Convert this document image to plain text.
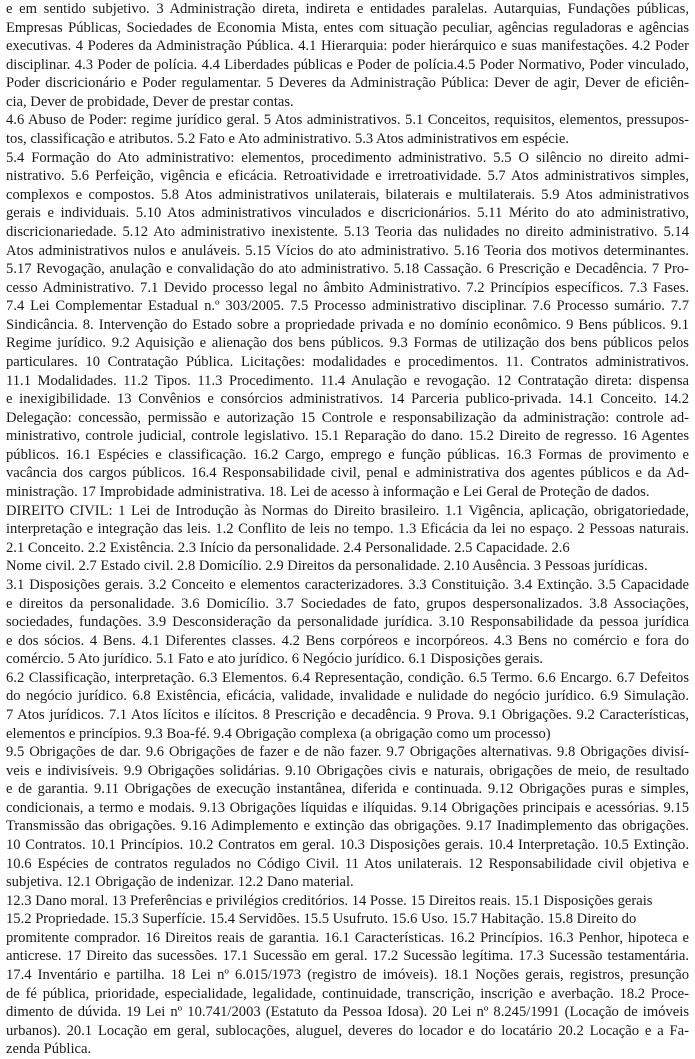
e em sentido subjetivo. 3 Administração direta, indireta e entidades paralelas. Autarquias, Fundações públicas,
Empresas Públicas, Sociedades de Economia Mista, entes com situação peculiar, agências reguladoras e agências
executivas. 4 Poderes da Administração Pública. 4.1 Hierarquia: poder hierárquico e suas manifestações. 4.2 Poder
disciplinar. 4.3 Poder de polícia. 4.4 Liberdades públicas e Poder de polícia.4.5 Poder Normativo, Poder vinculado,
Poder discricionário e Poder regulamentar. 5 Deveres da Administração Pública: Dever de agir, Dever de eficiên-
cia, Dever de probidade, Dever de prestar contas.
4.6 Abuso de Poder: regime jurídico geral. 5 Atos administrativos. 5.1 Conceitos, requisitos, elementos, pressupos-
tos, classificação e atributos. 5.2 Fato e Ato administrativo. 5.3 Atos administrativos em espécie.
5.4 Formação do Ato administrativo: elementos, procedimento administrativo. 5.5 O silêncio no direito admi-
nistrativo. 5.6 Perfeição, vigência e eficácia. Retroatividade e irretroatividade. 5.7 Atos administrativos simples,
complexos e compostos. 5.8 Atos administrativos unilaterais, bilaterais e multilaterais. 5.9 Atos administrativos
gerais e individuais. 5.10 Atos administrativos vinculados e discricionários. 5.11 Mérito do ato administrativo,
discricionariedade. 5.12 Ato administrativo inexistente. 5.13 Teoria das nulidades no direito administrativo. 5.14
Atos administrativos nulos e anuláveis. 5.15 Vícios do ato administrativo. 5.16 Teoria dos motivos determinantes.
5.17 Revogação, anulação e convalidação do ato administrativo. 5.18 Cassação. 6 Prescrição e Decadência. 7 Pro-
cesso Administrativo. 7.1 Devido processo legal no âmbito Administrativo. 7.2 Princípios específicos. 7.3 Fases.
7.4 Lei Complementar Estadual n.º 303/2005. 7.5 Processo administrativo disciplinar. 7.6 Processo sumário. 7.7
Sindicância. 8. Intervenção do Estado sobre a propriedade privada e no domínio econômico. 9 Bens públicos. 9.1
Regime jurídico. 9.2 Aquisição e alienação dos bens públicos. 9.3 Formas de utilização dos bens públicos pelos
particulares. 10 Contratação Pública. Licitações: modalidades e procedimentos. 11. Contratos administrativos.
11.1 Modalidades. 11.2 Tipos. 11.3 Procedimento. 11.4 Anulação e revogação. 12 Contratação direta: dispensa
e inexigibilidade. 13 Convênios e consórcios administrativos. 14 Parceria publico-privada. 14.1 Conceito. 14.2
Delegação: concessão, permissão e autorização 15 Controle e responsabilização da administração: controle ad-
ministrativo, controle judicial, controle legislativo. 15.1 Reparação do dano. 15.2 Direito de regresso. 16 Agentes
públicos. 16.1 Espécies e classificação. 16.2 Cargo, emprego e função públicas. 16.3 Formas de provimento e
vacância dos cargos públicos. 16.4 Responsabilidade civil, penal e administrativa dos agentes públicos e da Ad-
ministração. 17 Improbidade administrativa. 18. Lei de acesso à informação e Lei Geral de Proteção de dados.
DIREITO CIVIL: 1 Lei de Introdução às Normas do Direito brasileiro. 1.1 Vigência, aplicação, obrigatoriedade,
interpretação e integração das leis. 1.2 Conflito de leis no tempo. 1.3 Eficácia da lei no espaço. 2 Pessoas naturais.
2.1 Conceito. 2.2 Existência. 2.3 Início da personalidade. 2.4 Personalidade. 2.5 Capacidade. 2.6
Nome civil. 2.7 Estado civil. 2.8 Domicílio. 2.9 Direitos da personalidade. 2.10 Ausência. 3 Pessoas jurídicas.
3.1 Disposições gerais. 3.2 Conceito e elementos caracterizadores. 3.3 Constituição. 3.4 Extinção. 3.5 Capacidade
e direitos da personalidade. 3.6 Domicílio. 3.7 Sociedades de fato, grupos despersonalizados. 3.8 Associações,
sociedades, fundações. 3.9 Desconsideração da personalidade jurídica. 3.10 Responsabilidade da pessoa jurídica
e dos sócios. 4 Bens. 4.1 Diferentes classes. 4.2 Bens corpóreos e incorpóreos. 4.3 Bens no comércio e fora do
comércio. 5 Ato jurídico. 5.1 Fato e ato jurídico. 6 Negócio jurídico. 6.1 Disposições gerais.
6.2 Classificação, interpretação. 6.3 Elementos. 6.4 Representação, condição. 6.5 Termo. 6.6 Encargo. 6.7 Defeitos
do negócio jurídico. 6.8 Existência, eficácia, validade, invalidade e nulidade do negócio jurídico. 6.9 Simulação.
7 Atos jurídicos. 7.1 Atos lícitos e ilícitos. 8 Prescrição e decadência. 9 Prova. 9.1 Obrigações. 9.2 Características,
elementos e princípios. 9.3 Boa-fé. 9.4 Obrigação complexa (a obrigação como um processo)
9.5 Obrigações de dar. 9.6 Obrigações de fazer e de não fazer. 9.7 Obrigações alternativas. 9.8 Obrigações divisí-
veis e indivisíveis. 9.9 Obrigações solidárias. 9.10 Obrigações civis e naturais, obrigações de meio, de resultado
e de garantia. 9.11 Obrigações de execução instantânea, diferida e continuada. 9.12 Obrigações puras e simples,
condicionais, a termo e modais. 9.13 Obrigações líquidas e ilíquidas. 9.14 Obrigações principais e acessórias. 9.15
Transmissão das obrigações. 9.16 Adimplemento e extinção das obrigações. 9.17 Inadimplemento das obrigações.
10 Contratos. 10.1 Princípios. 10.2 Contratos em geral. 10.3 Disposições gerais. 10.4 Interpretação. 10.5 Extinção.
10.6 Espécies de contratos regulados no Código Civil. 11 Atos unilaterais. 12 Responsabilidade civil objetiva e
subjetiva. 12.1 Obrigação de indenizar. 12.2 Dano material.
12.3 Dano moral. 13 Preferências e privilégios creditórios. 14 Posse. 15 Direitos reais. 15.1 Disposições gerais
15.2 Propriedade. 15.3 Superfície. 15.4 Servidões. 15.5 Usufruto. 15.6 Uso. 15.7 Habitação. 15.8 Direito do
promitente comprador. 16 Direitos reais de garantia. 16.1 Características. 16.2 Princípios. 16.3 Penhor, hipoteca e
anticrese. 17 Direito das sucessões. 17.1 Sucessão em geral. 17.2 Sucessão legítima. 17.3 Sucessão testamentária.
17.4 Inventário e partilha. 18 Lei nº 6.015/1973 (registro de imóveis). 18.1 Noções gerais, registros, presunção
de fé pública, prioridade, especialidade, legalidade, continuidade, transcrição, inscrição e averbação. 18.2 Proce-
dimento de dúvida. 19 Lei nº 10.741/2003 (Estatuto da Pessoa Idosa). 20 Lei nº 8.245/1991 (Locação de imóveis
urbanos). 20.1 Locação em geral, sublocações, aluguel, deveres do locador e do locatário 20.2 Locação e a Fa-
zenda Pública.
